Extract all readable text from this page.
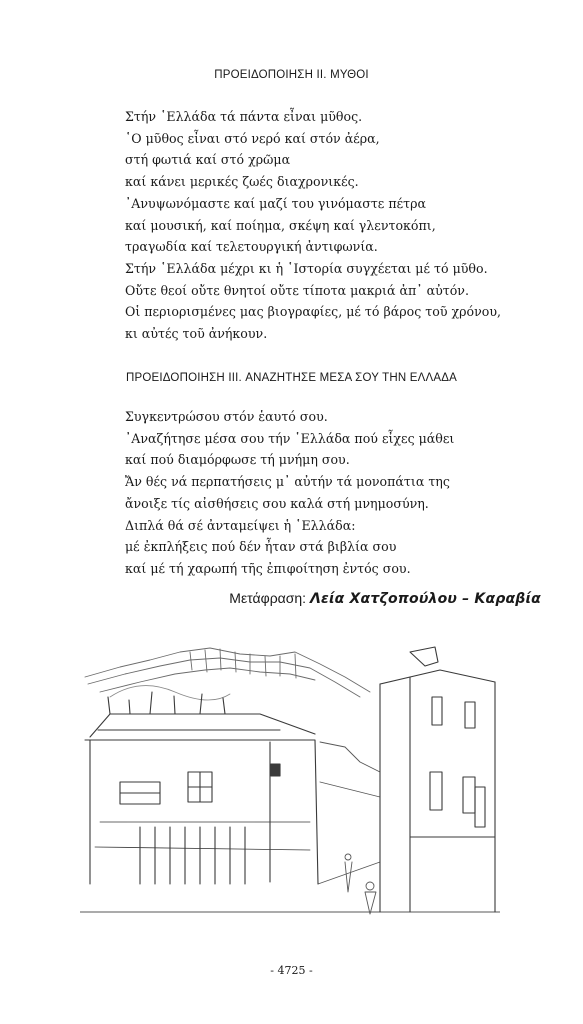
ΠΡΟΕΙΔΟΠΟΙΗΣΗ II. ΜΥΘΟΙ
Στήν ῾Ελλάδα τά πάντα εἶναι μῦθος.
῾Ο μῦθος εἶναι στό νερό καί στόν ἀέρα,
στή φωτιά καί στό χρῶμα
καί κάνει μερικές ζωές διαχρονικές.
᾿Ανυψωνόμαστε καί μαζί του γινόμαστε πέτρα
καί μουσική, καί ποίημα, σκέψη καί γλεντοκόπι,
τραγωδία καί τελετουργική ἀντιφωνία.
Στήν ῾Ελλάδα μέχρι κι ἡ ῾Ιστορία συγχέεται μέ τό μῦθο.
Οὔτε θεοί οὔτε θνητοί οὔτε τίποτα μακριά ἀπ᾿ αὐτόν.
Οἱ περιορισμένες μας βιογραφίες, μέ τό βάρος τοῦ χρόνου,
κι αὐτές τοῦ ἀνήκουν.
ΠΡΟΕΙΔΟΠΟΙΗΣΗ III. ΑΝΑΖΗΤΗΣΕ ΜΕΣΑ ΣΟΥ ΤΗΝ ΕΛΛΑΔΑ
Συγκεντρώσου στόν ἑαυτό σου.
᾿Αναζήτησε μέσα σου τήν ῾Ελλάδα πού εἶχες μάθει
καί πού διαμόρφωσε τή μνήμη σου.
Ἄν θές νά περπατήσεις μ᾿ αὐτήν τά μονοπάτια της
ἄνοιξε τίς αἰσθήσεις σου καλά στή μνημοσύνη.
Διπλά θά σέ ἀνταμείψει ἡ ῾Ελλάδα:
μέ ἐκπλήξεις πού δέν ἦταν στά βιβλία σου
καί μέ τή χαρωπή τῆς ἐπιφοίτηση ἐντός σου.
Μετάφραση: Λεία Χατζοπούλου – Καραβία
- 4725 -
